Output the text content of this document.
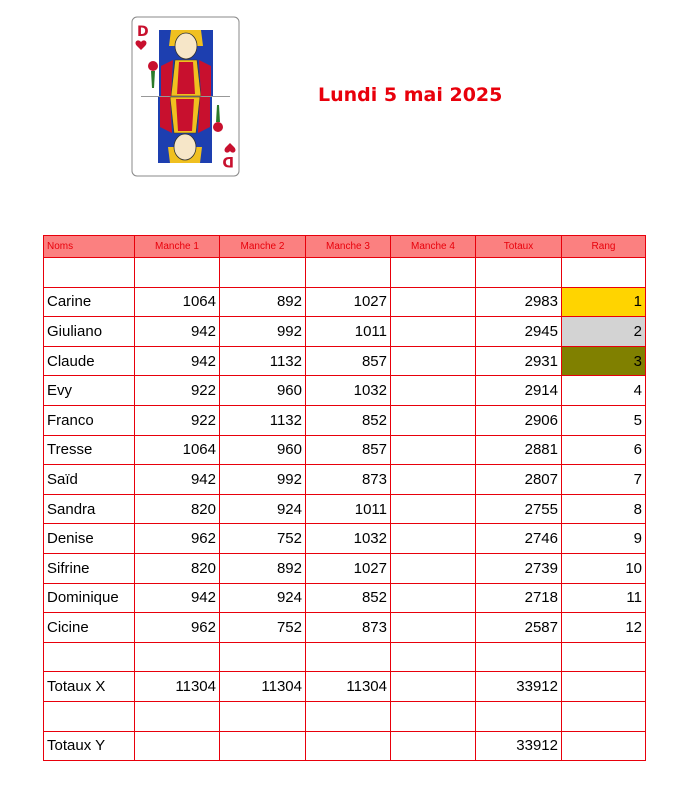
D
D
Lundi 5 mai 2025
Noms	Manche 1	Manche 2	Manche 3	Manche 4	Totaux	Rang

Carine	1064	892	1027		2983	1
Giuliano	942	992	1011		2945	2
Claude	942	1132	857		2931	3
Evy	922	960	1032		2914	4
Franco	922	1132	852		2906	5
Tresse	1064	960	857		2881	6
Saïd	942	992	873		2807	7
Sandra	820	924	1011		2755	8
Denise	962	752	1032		2746	9
Sifrine	820	892	1027		2739	10
Dominique	942	924	852		2718	11
Cicine	962	752	873		2587	12

Totaux X	11304	11304	11304		33912	

Totaux Y					33912	
